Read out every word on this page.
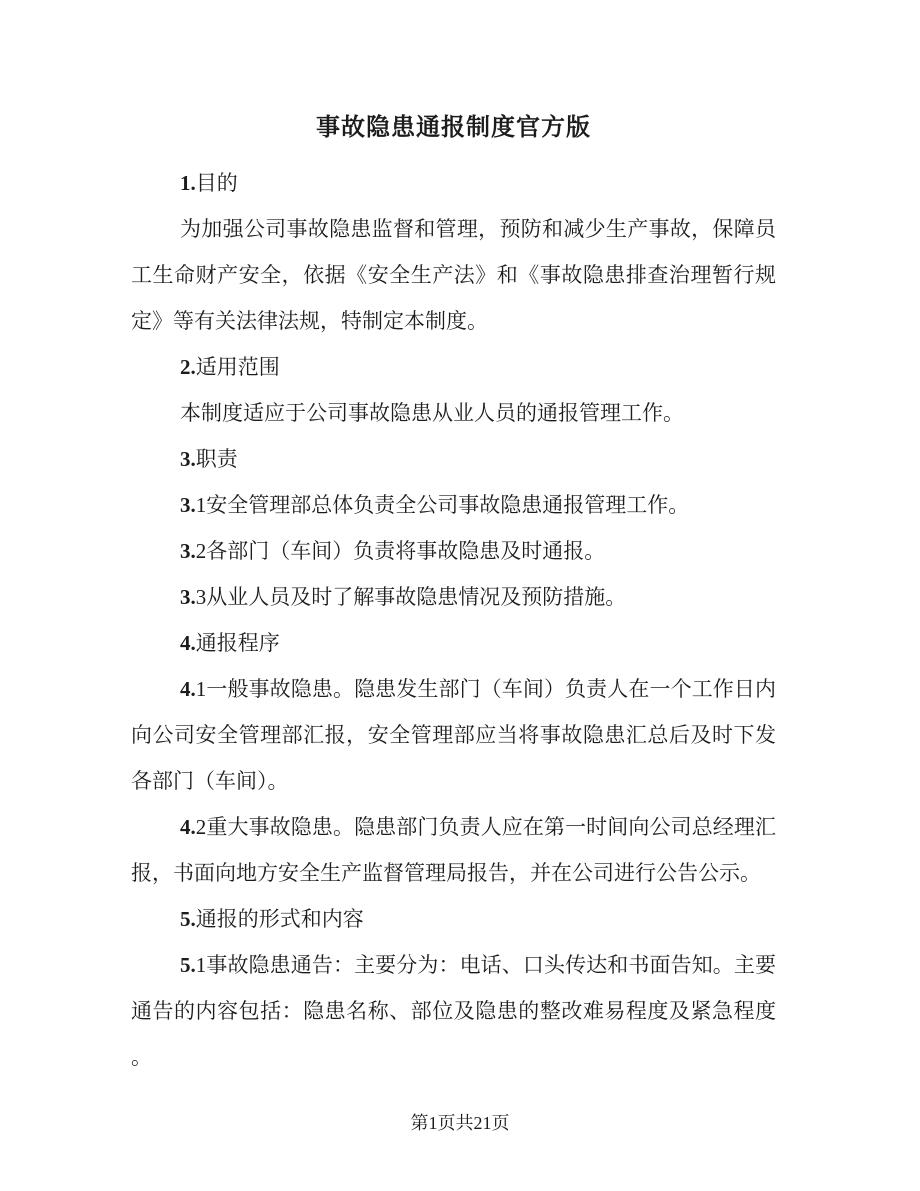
事故隐患通报制度官方版
1.目的
为加强公司事故隐患监督和管理，预防和减少生产事故，保障员
工生命财产安全，依据《安全生产法》和《事故隐患排查治理暂行规
定》等有关法律法规，特制定本制度。
2.适用范围
本制度适应于公司事故隐患从业人员的通报管理工作。
3.职责
3.1安全管理部总体负责全公司事故隐患通报管理工作。
3.2各部门（车间）负责将事故隐患及时通报。
3.3从业人员及时了解事故隐患情况及预防措施。
4.通报程序
4.1一般事故隐患。隐患发生部门（车间）负责人在一个工作日内
向公司安全管理部汇报，安全管理部应当将事故隐患汇总后及时下发
各部门（车间）。
4.2重大事故隐患。隐患部门负责人应在第一时间向公司总经理汇
报，书面向地方安全生产监督管理局报告，并在公司进行公告公示。
5.通报的形式和内容
5.1事故隐患通告：主要分为：电话、口头传达和书面告知。主要
通告的内容包括：隐患名称、部位及隐患的整改难易程度及紧急程度
。
第1页共21页
